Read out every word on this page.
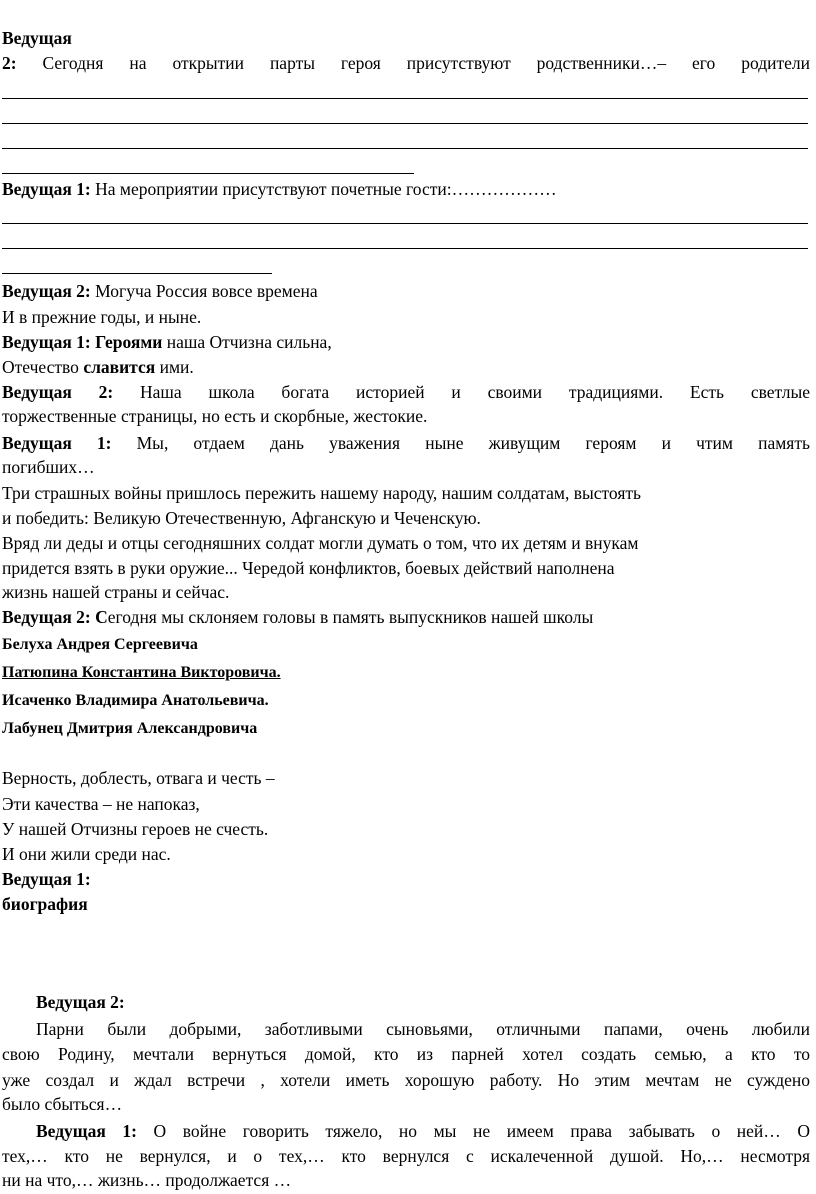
Ведущая
2: Сегодня на открытии парты героя присутствуют родственники…– его родители
Ведущая 1: На мероприятии присутствуют почетные гости:………………
Ведущая 2: Могуча Россия вовсе времена
И в прежние годы, и ныне.
Ведущая 1: Героями наша Отчизна сильна,
Отечество славится ими.
Ведущая 2: Наша школа богата историей и своими традициями. Есть светлые
торжественные страницы, но есть и скорбные, жестокие.
Ведущая 1: Мы, отдаем дань уважения ныне живущим героям и чтим память
погибших…
Три страшных войны пришлось пережить нашему народу, нашим солдатам, выстоять
и победить: Великую Отечественную, Афганскую и Чеченскую.
Вряд ли деды и отцы сегодняшних солдат могли думать о том, что их детям и внукам
придется взять в руки оружие... Чередой конфликтов, боевых действий наполнена
жизнь нашей страны и сейчас.
Ведущая 2: Сегодня мы склоняем головы в память выпускников нашей школы
Белуха Андрея Сергеевича
Патюпина Константина Викторовича.
Исаченко Владимира Анатольевича.
Лабунец Дмитрия Александровича
Верность, доблесть, отвага и честь –
Эти качества – не напоказ,
У нашей Отчизны героев не счесть.
И они жили среди нас.
Ведущая 1:
биография
Ведущая 2:
Парни были добрыми, заботливыми сыновьями, отличными папами, очень любили
свою Родину, мечтали вернуться домой, кто из парней хотел создать семью, а кто то
уже создал и ждал встречи , хотели иметь хорошую работу. Но этим мечтам не суждено
было сбыться…
Ведущая 1: О войне говорить тяжело, но мы не имеем права забывать о ней… О
тех,… кто не вернулся, и о тех,… кто вернулся с искалеченной душой. Но,… несмотря
ни на что,… жизнь… продолжается …
